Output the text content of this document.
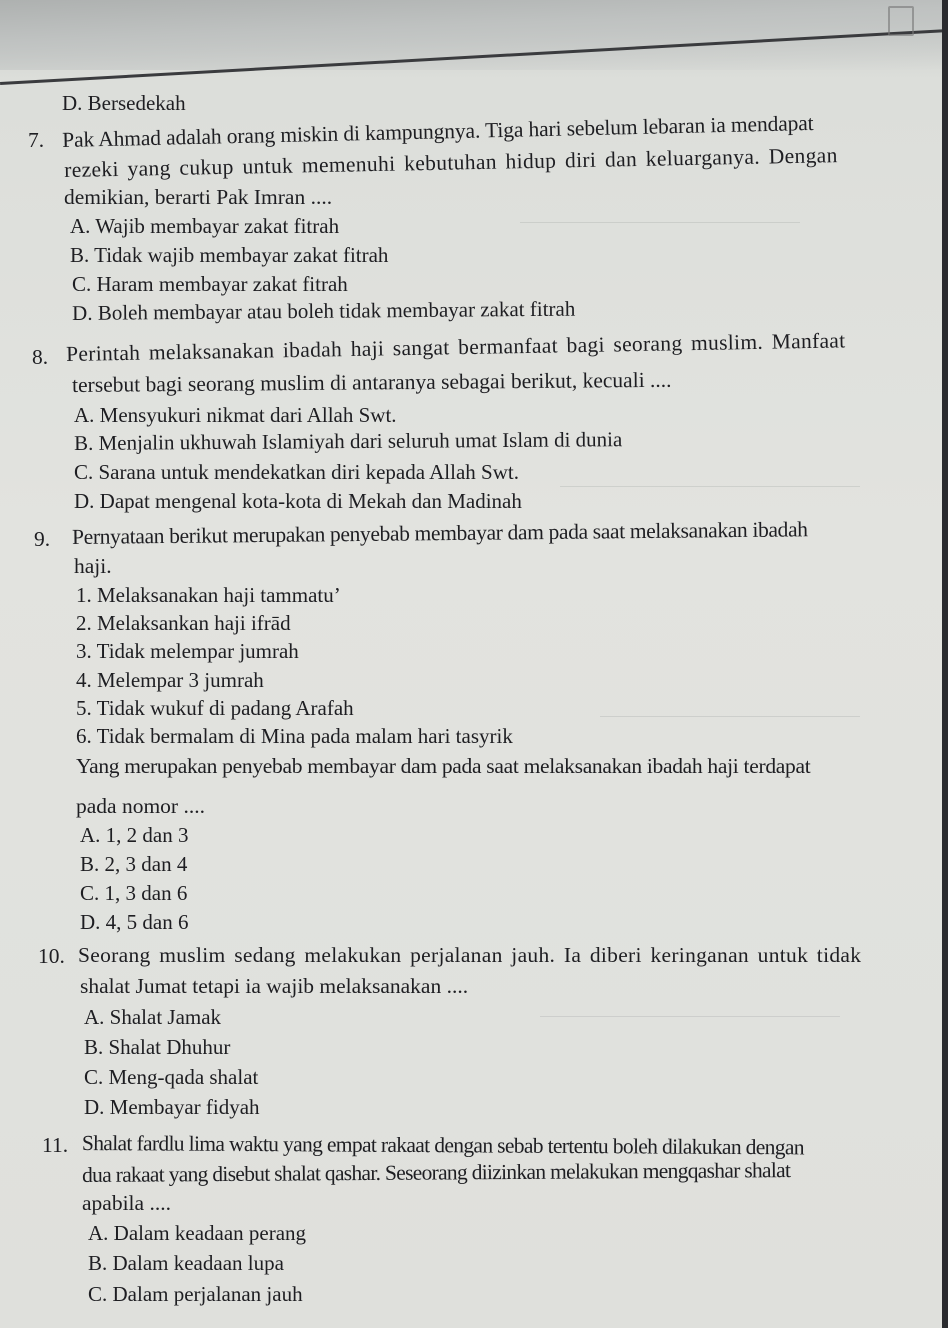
D. Bersedekah
7. Pak Ahmad adalah orang miskin di kampungnya. Tiga hari sebelum lebaran ia mendapat
rezeki yang cukup untuk memenuhi kebutuhan hidup diri dan keluarganya. Dengan
demikian, berarti Pak Imran ....
A. Wajib membayar zakat fitrah
B. Tidak wajib membayar zakat fitrah
C. Haram membayar zakat fitrah
D. Boleh membayar atau boleh tidak membayar zakat fitrah
8. Perintah melaksanakan ibadah haji sangat bermanfaat bagi seorang muslim. Manfaat
tersebut bagi seorang muslim di antaranya sebagai berikut, kecuali ....
A. Mensyukuri nikmat dari Allah Swt.
B. Menjalin ukhuwah Islamiyah dari seluruh umat Islam di dunia
C. Sarana untuk mendekatkan diri kepada Allah Swt.
D. Dapat mengenal kota-kota di Mekah dan Madinah
9. Pernyataan berikut merupakan penyebab membayar dam pada saat melaksanakan ibadah
haji.
1. Melaksanakan haji tammatu’
2. Melaksankan haji ifrād
3. Tidak melempar jumrah
4. Melempar 3 jumrah
5. Tidak wukuf di padang Arafah
6. Tidak bermalam di Mina pada malam hari tasyrik
Yang merupakan penyebab membayar dam pada saat melaksanakan ibadah haji terdapat
pada nomor ....
A. 1, 2 dan 3
B. 2, 3 dan 4
C. 1, 3 dan 6
D. 4, 5 dan 6
10. Seorang muslim sedang melakukan perjalanan jauh. Ia diberi keringanan untuk tidak
shalat Jumat tetapi ia wajib melaksanakan ....
A. Shalat Jamak
B. Shalat Dhuhur
C. Meng-qada shalat
D. Membayar fidyah
11. Shalat fardlu lima waktu yang empat rakaat dengan sebab tertentu boleh dilakukan dengan
dua rakaat yang disebut shalat qashar. Seseorang diizinkan melakukan mengqashar shalat
apabila ....
A. Dalam keadaan perang
B. Dalam keadaan lupa
C. Dalam perjalanan jauh
